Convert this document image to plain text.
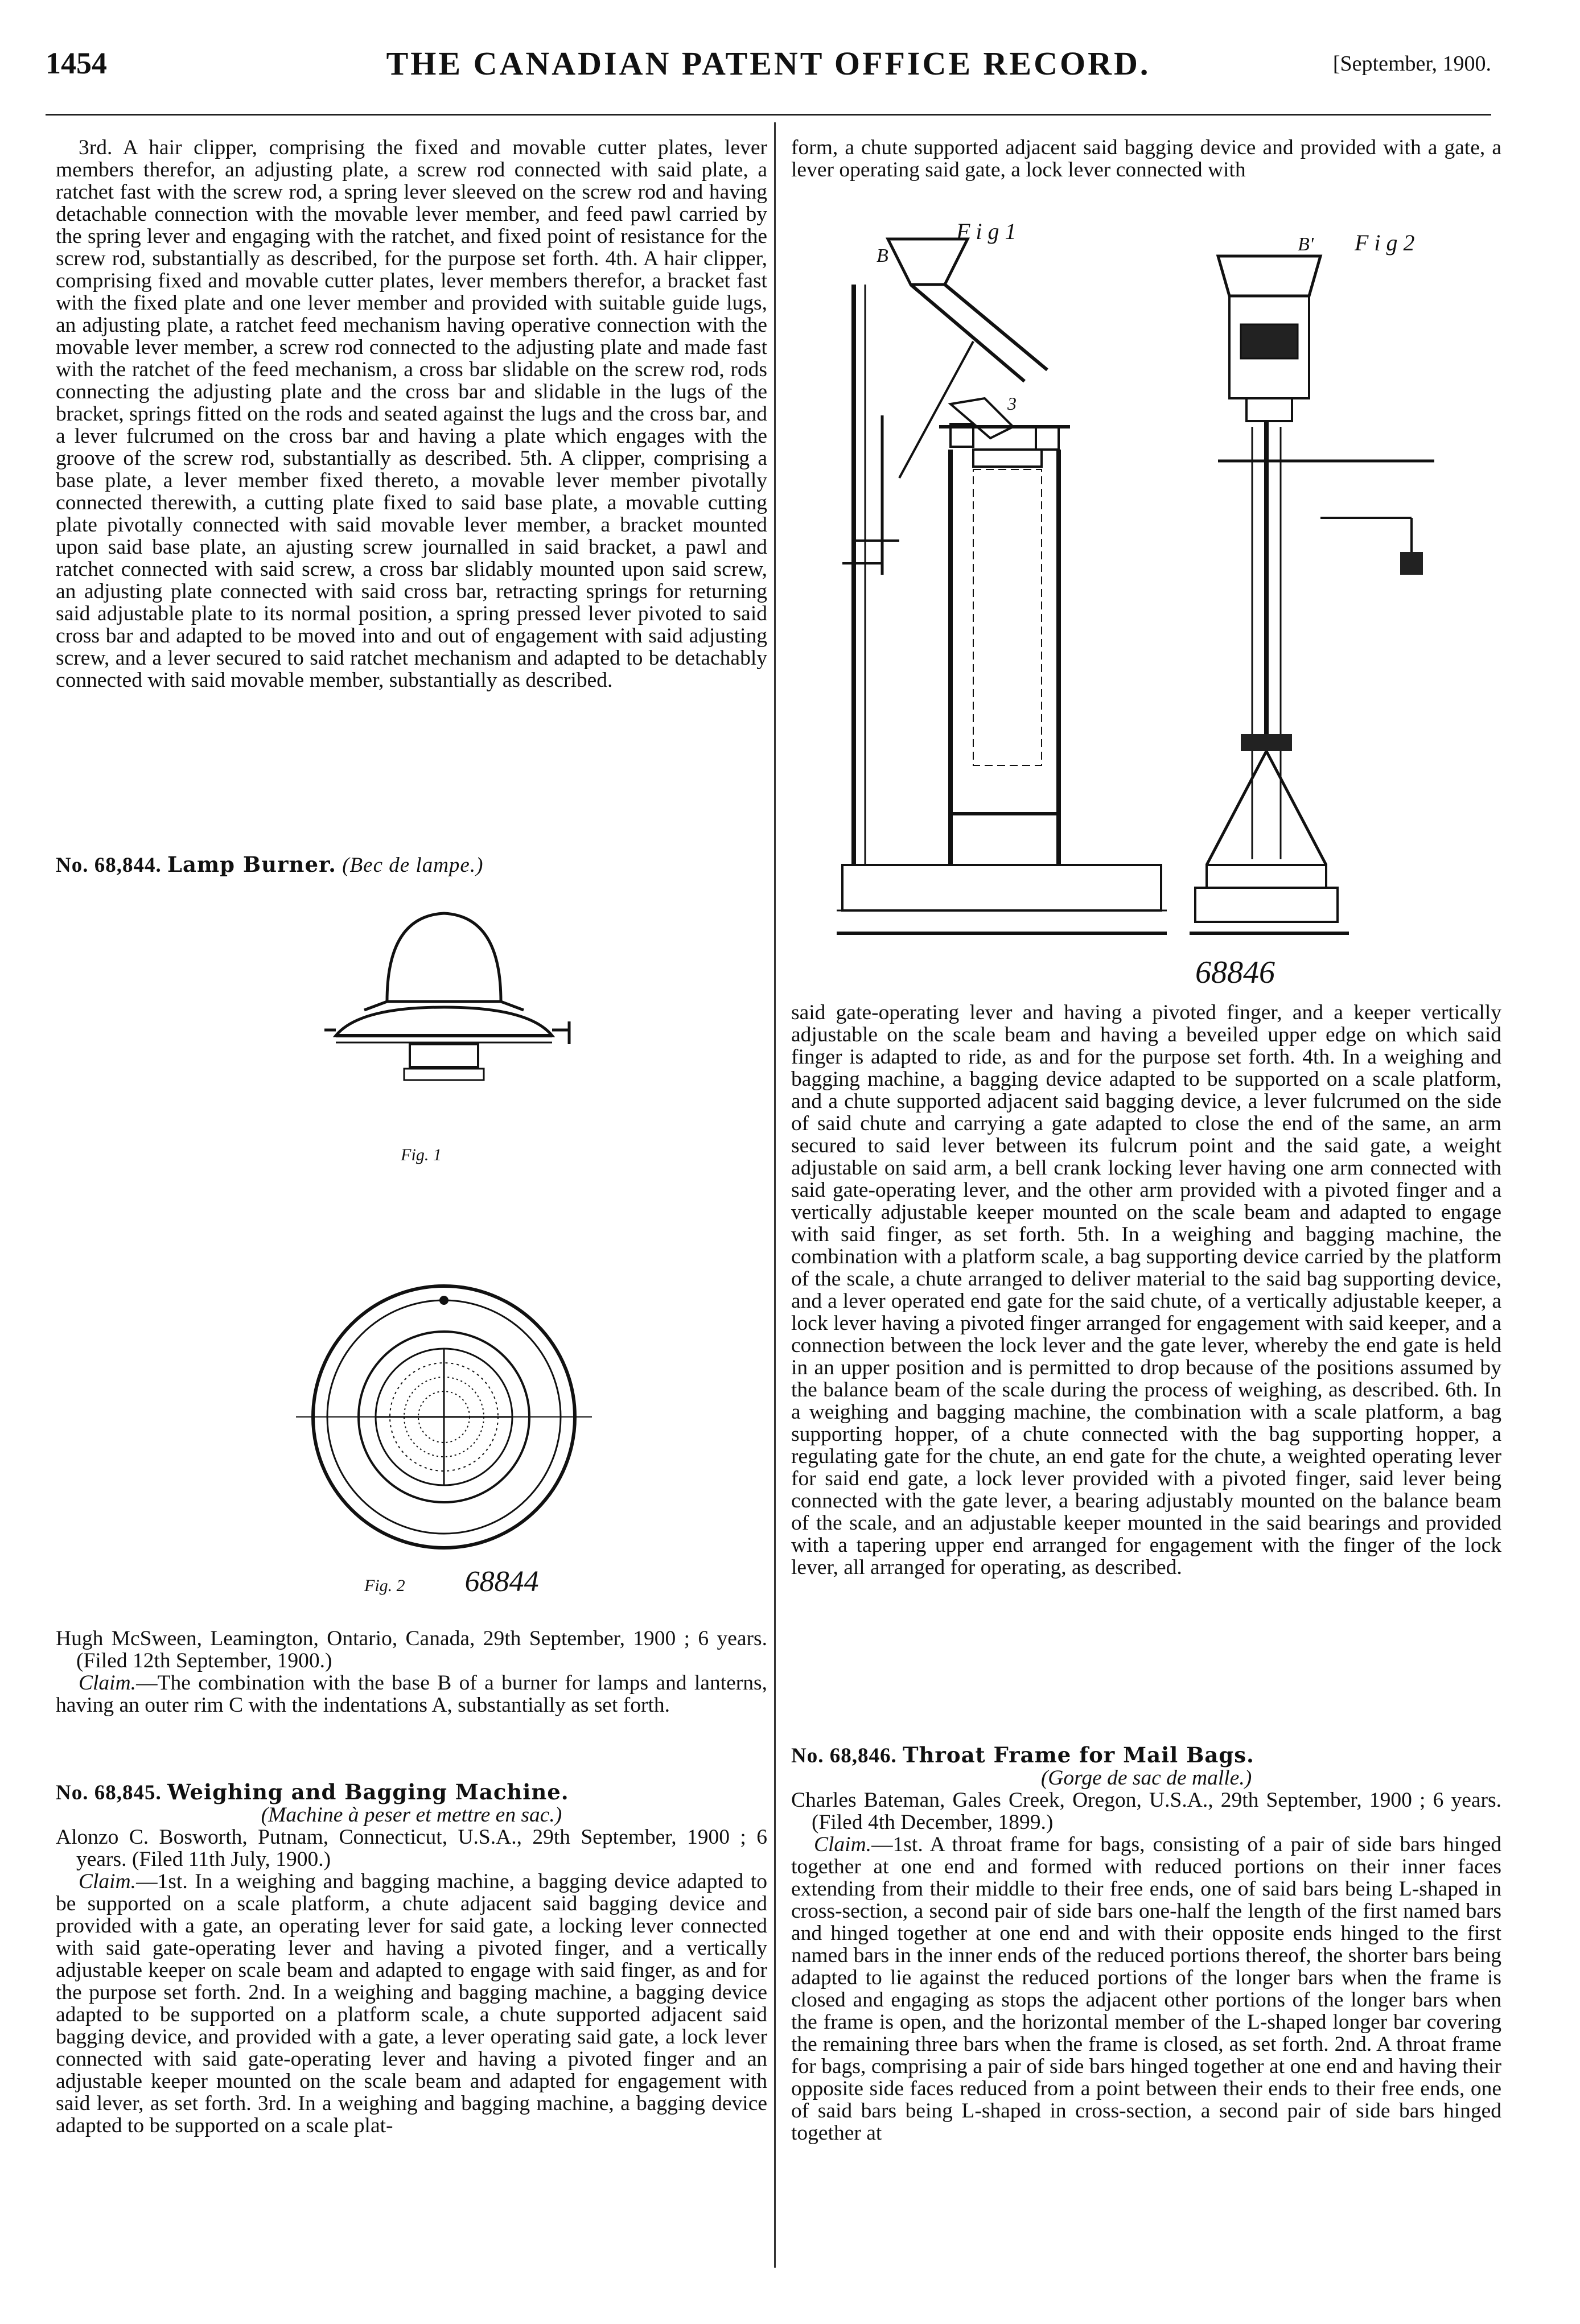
1454	THE CANADIAN PATENT OFFICE RECORD.	[September, 1900.

3rd. A hair clipper, comprising the fixed and movable cutter plates, lever members therefor, an adjusting plate, a screw rod connected with said plate, a ratchet fast with the screw rod, a spring lever sleeved on the screw rod and having detachable connection with the movable lever member, and feed pawl carried by the spring lever and engaging with the ratchet, and fixed point of resistance for the screw rod, substantially as described, for the purpose set forth. 4th. A hair clipper, comprising fixed and movable cutter plates, lever members therefor, a bracket fast with the fixed plate and one lever member and provided with suitable guide lugs, an adjusting plate, a ratchet feed mechanism having operative connection with the movable lever member, a screw rod connected to the adjusting plate and made fast with the ratchet of the feed mechanism, a cross bar slidable on the screw rod, rods connecting the adjusting plate and the cross bar and slidable in the lugs of the bracket, springs fitted on the rods and seated against the lugs and the cross bar, and a lever fulcrumed on the cross bar and having a plate which engages with the groove of the screw rod, substantially as described. 5th. A clipper, comprising a base plate, a lever member fixed thereto, a movable lever member pivotally connected therewith, a cutting plate fixed to said base plate, a movable cutting plate pivotally connected with said movable lever member, a bracket mounted upon said base plate, an ajusting screw journalled in said bracket, a pawl and ratchet connected with said screw, a cross bar slidably mounted upon said screw, an adjusting plate connected with said cross bar, retracting springs for returning said adjustable plate to its normal position, a spring pressed lever pivoted to said cross bar and adapted to be moved into and out of engagement with said adjusting screw, and a lever secured to said ratchet mechanism and adapted to be detachably connected with said movable member, substantially as described.

No. 68,844. Lamp Burner. (Bec de lampe.)

Fig. 1
Fig. 2 68844

Hugh McSween, Leamington, Ontario, Canada, 29th September, 1900 ; 6 years. (Filed 12th September, 1900.)

Claim.—The combination with the base B of a burner for lamps and lanterns, having an outer rim C with the indentations A, substantially as set forth.

No. 68,845. Weighing and Bagging Machine.

(Machine à peser et mettre en sac.)

Alonzo C. Bosworth, Putnam, Connecticut, U.S.A., 29th September, 1900 ; 6 years. (Filed 11th July, 1900.)

Claim.—1st. In a weighing and bagging machine, a bagging device adapted to be supported on a scale platform, a chute adjacent said bagging device and provided with a gate, an operating lever for said gate, a locking lever connected with said gate-operating lever and having a pivoted finger, and a vertically adjustable keeper on scale beam and adapted to engage with said finger, as and for the purpose set forth. 2nd. In a weighing and bagging machine, a bagging device adapted to be supported on a platform scale, a chute supported adjacent said bagging device, and provided with a gate, a lever operating said gate, a lock lever connected with said gate-operating lever and having a pivoted finger and an adjustable keeper mounted on the scale beam and adapted for engagement with said lever, as set forth. 3rd. In a weighing and bagging machine, a bagging device adapted to be supported on a scale plat-

form, a chute supported adjacent said bagging device and provided with a gate, a lever operating said gate, a lock lever connected with

F i g 1
B
3
F i g 2
B'
68846

said gate-operating lever and having a pivoted finger, and a keeper vertically adjustable on the scale beam and having a beveiled upper edge on which said finger is adapted to ride, as and for the purpose set forth. 4th. In a weighing and bagging machine, a bagging device adapted to be supported on a scale platform, and a chute supported adjacent said bagging device, a lever fulcrumed on the side of said chute and carrying a gate adapted to close the end of the same, an arm secured to said lever between its fulcrum point and the said gate, a weight adjustable on said arm, a bell crank locking lever having one arm connected with said gate-operating lever, and the other arm provided with a pivoted finger and a vertically adjustable keeper mounted on the scale beam and adapted to engage with said finger, as set forth. 5th. In a weighing and bagging machine, the combination with a platform scale, a bag supporting device carried by the platform of the scale, a chute arranged to deliver material to the said bag supporting device, and a lever operated end gate for the said chute, of a vertically adjustable keeper, a lock lever having a pivoted finger arranged for engagement with said keeper, and a connection between the lock lever and the gate lever, whereby the end gate is held in an upper position and is permitted to drop because of the positions assumed by the balance beam of the scale during the process of weighing, as described. 6th. In a weighing and bagging machine, the combination with a scale platform, a bag supporting hopper, of a chute connected with the bag supporting hopper, a regulating gate for the chute, an end gate for the chute, a weighted operating lever for said end gate, a lock lever provided with a pivoted finger, said lever being connected with the gate lever, a bearing adjustably mounted on the balance beam of the scale, and an adjustable keeper mounted in the said bearings and provided with a tapering upper end arranged for engagement with the finger of the lock lever, all arranged for operating, as described.

No. 68,846. Throat Frame for Mail Bags.

(Gorge de sac de malle.)

Charles Bateman, Gales Creek, Oregon, U.S.A., 29th September, 1900 ; 6 years. (Filed 4th December, 1899.)

Claim.—1st. A throat frame for bags, consisting of a pair of side bars hinged together at one end and formed with reduced portions on their inner faces extending from their middle to their free ends, one of said bars being L-shaped in cross-section, a second pair of side bars one-half the length of the first named bars and hinged together at one end and with their opposite ends hinged to the first named bars in the inner ends of the reduced portions thereof, the shorter bars being adapted to lie against the reduced portions of the longer bars when the frame is closed and engaging as stops the adjacent other portions of the longer bars when the frame is open, and the horizontal member of the L-shaped longer bar covering the remaining three bars when the frame is closed, as set forth. 2nd. A throat frame for bags, comprising a pair of side bars hinged together at one end and having their opposite side faces reduced from a point between their ends to their free ends, one of said bars being L-shaped in cross-section, a second pair of side bars hinged together at
